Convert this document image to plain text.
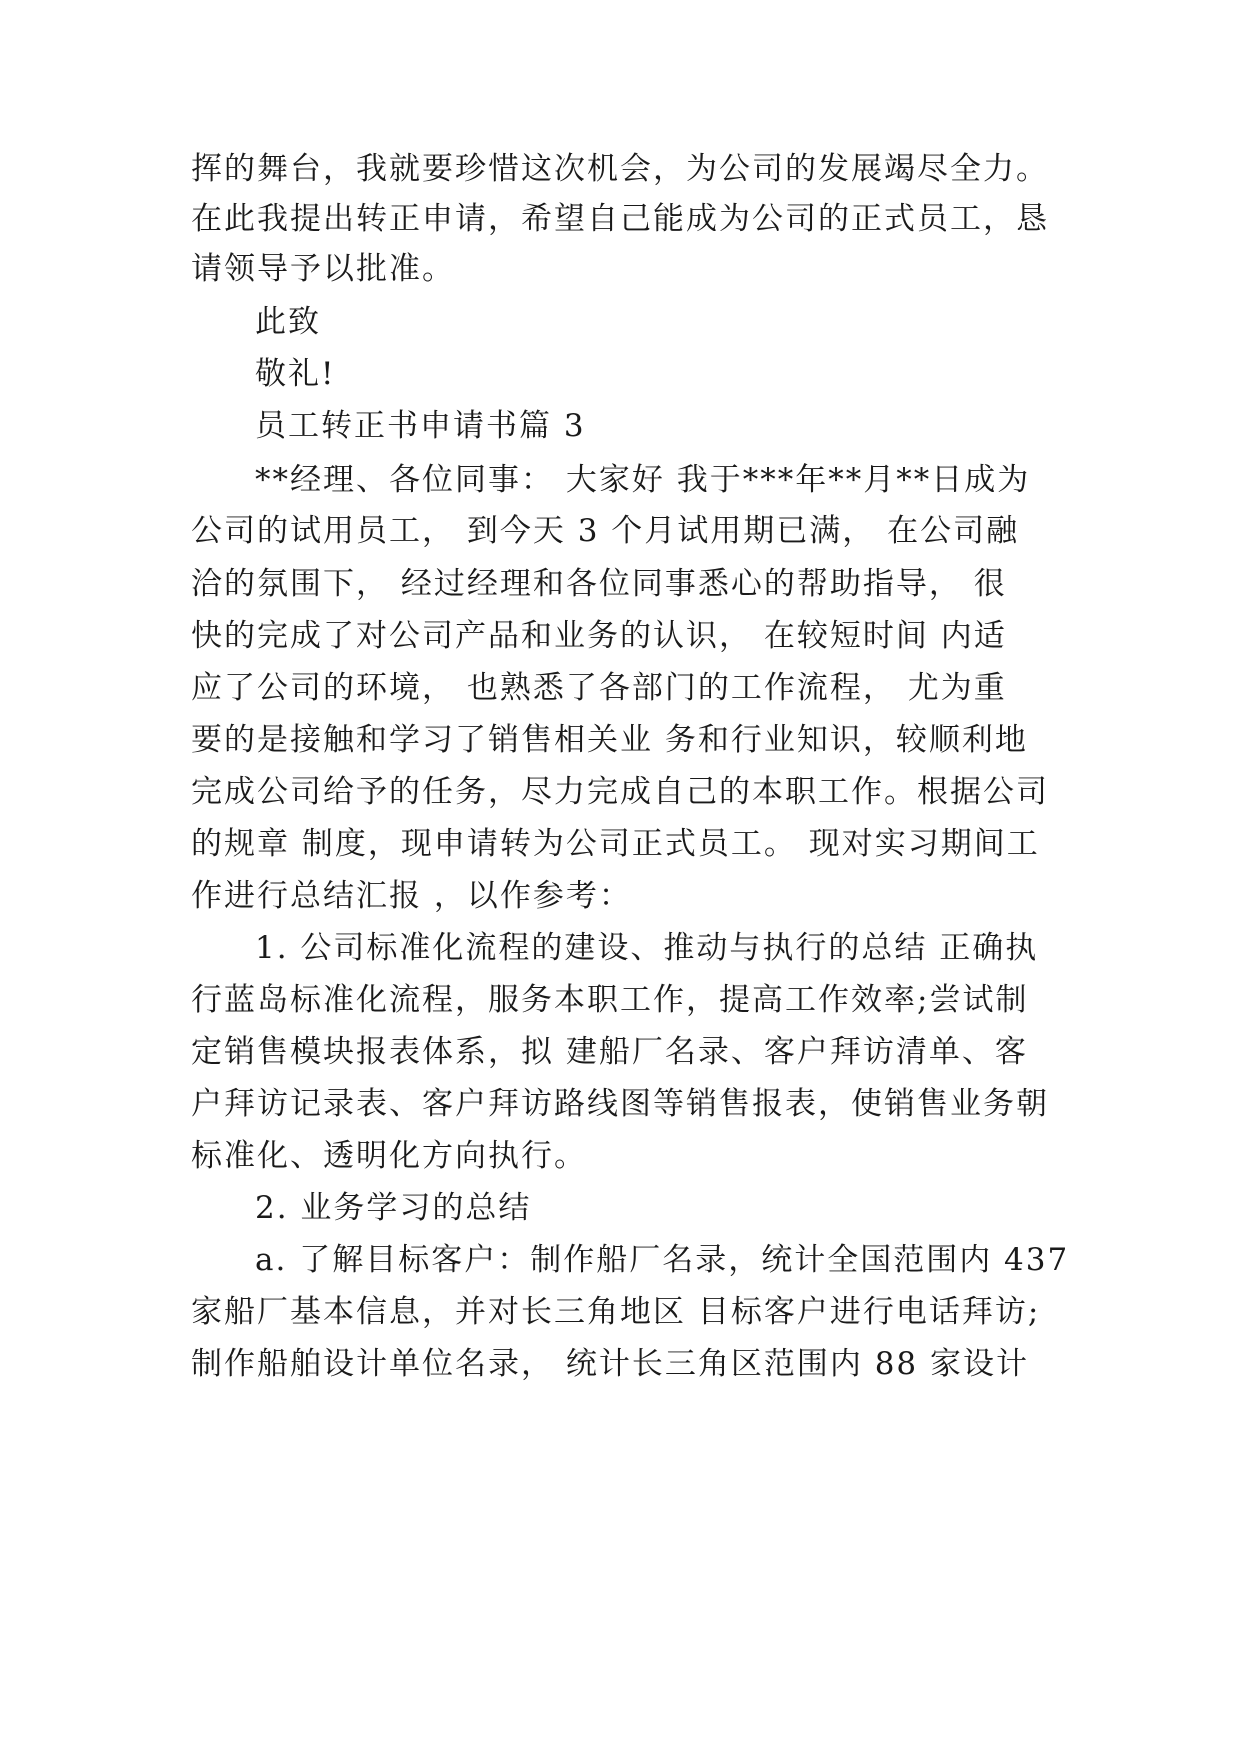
挥的舞台，我就要珍惜这次机会，为公司的发展竭尽全力。
在此我提出转正申请，希望自己能成为公司的正式员工，恳
请领导予以批准。
此致
敬礼!
员工转正书申请书篇 3
**经理、各位同事： 大家好 我于***年**月**日成为
公司的试用员工， 到今天 3 个月试用期已满， 在公司融
洽的氛围下， 经过经理和各位同事悉心的帮助指导， 很
快的完成了对公司产品和业务的认识， 在较短时间 内适
应了公司的环境， 也熟悉了各部门的工作流程， 尤为重
要的是接触和学习了销售相关业 务和行业知识，较顺利地
完成公司给予的任务，尽力完成自己的本职工作。根据公司
的规章 制度，现申请转为公司正式员工。 现对实习期间工
作进行总结汇报 ，以作参考：
1. 公司标准化流程的建设、推动与执行的总结 正确执
行蓝岛标准化流程，服务本职工作，提高工作效率;尝试制
定销售模块报表体系，拟 建船厂名录、客户拜访清单、客
户拜访记录表、客户拜访路线图等销售报表，使销售业务朝
标准化、透明化方向执行。
2. 业务学习的总结
a. 了解目标客户：制作船厂名录，统计全国范围内 437
家船厂基本信息，并对长三角地区 目标客户进行电话拜访;
制作船舶设计单位名录， 统计长三角区范围内 88 家设计
